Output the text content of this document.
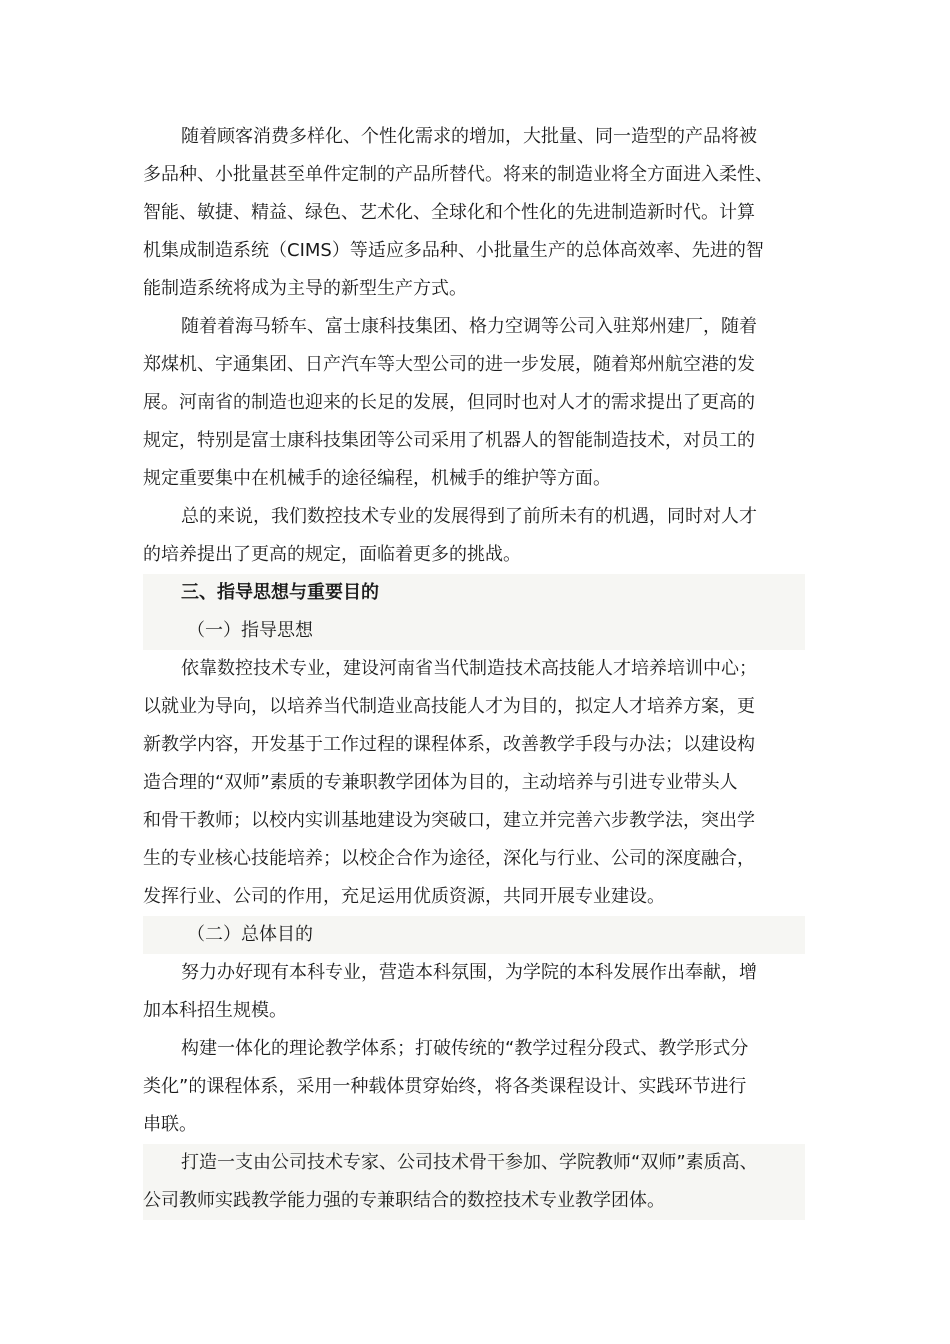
随着顾客消费多样化、个性化需求的增加，大批量、同一造型的产品将被
多品种、小批量甚至单件定制的产品所替代。将来的制造业将全方面进入柔性、
智能、敏捷、精益、绿色、艺术化、全球化和个性化的先进制造新时代。计算
机集成制造系统（CIMS）等适应多品种、小批量生产的总体高效率、先进的智
能制造系统将成为主导的新型生产方式。
随着着海马轿车、富士康科技集团、格力空调等公司入驻郑州建厂，随着
郑煤机、宇通集团、日产汽车等大型公司的进一步发展，随着郑州航空港的发
展。河南省的制造也迎来的长足的发展，但同时也对人才的需求提出了更高的
规定，特别是富士康科技集团等公司采用了机器人的智能制造技术，对员工的
规定重要集中在机械手的途径编程，机械手的维护等方面。
总的来说，我们数控技术专业的发展得到了前所未有的机遇，同时对人才
的培养提出了更高的规定，面临着更多的挑战。
三、指导思想与重要目的
（一）指导思想
依靠数控技术专业，建设河南省当代制造技术高技能人才培养培训中心；
以就业为导向，以培养当代制造业高技能人才为目的，拟定人才培养方案，更
新教学内容，开发基于工作过程的课程体系，改善教学手段与办法；以建设构
造合理的“双师”素质的专兼职教学团体为目的，主动培养与引进专业带头人
和骨干教师；以校内实训基地建设为突破口，建立并完善六步教学法，突出学
生的专业核心技能培养；以校企合作为途径，深化与行业、公司的深度融合，
发挥行业、公司的作用，充足运用优质资源，共同开展专业建设。
（二）总体目的
努力办好现有本科专业，营造本科氛围，为学院的本科发展作出奉献，增
加本科招生规模。
构建一体化的理论教学体系；打破传统的“教学过程分段式、教学形式分
类化”的课程体系，采用一种载体贯穿始终，将各类课程设计、实践环节进行
串联。
打造一支由公司技术专家、公司技术骨干参加、学院教师“双师”素质高、
公司教师实践教学能力强的专兼职结合的数控技术专业教学团体。
